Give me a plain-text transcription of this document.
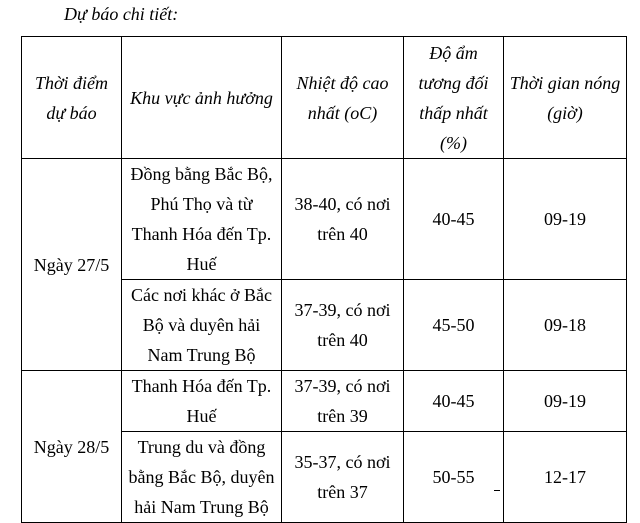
Dự báo chi tiết:
Thời điểm dự báo	Khu vực ảnh hưởng	Nhiệt độ cao nhất (oC)	Độ ẩm tương đối thấp nhất (%)	Thời gian nóng (giờ)
Ngày 27/5	Đồng bằng Bắc Bộ, Phú Thọ và từ Thanh Hóa đến Tp. Huế	38-40, có nơi trên 40	40-45	09-19
	Các nơi khác ở Bắc Bộ và duyên hải Nam Trung Bộ	37-39, có nơi trên 40	45-50	09-18
Ngày 28/5	Thanh Hóa đến Tp. Huế	37-39, có nơi trên 39	40-45	09-19
	Trung du và đồng bằng Bắc Bộ, duyên hải Nam Trung Bộ	35-37, có nơi trên 37	50-55	12-17
